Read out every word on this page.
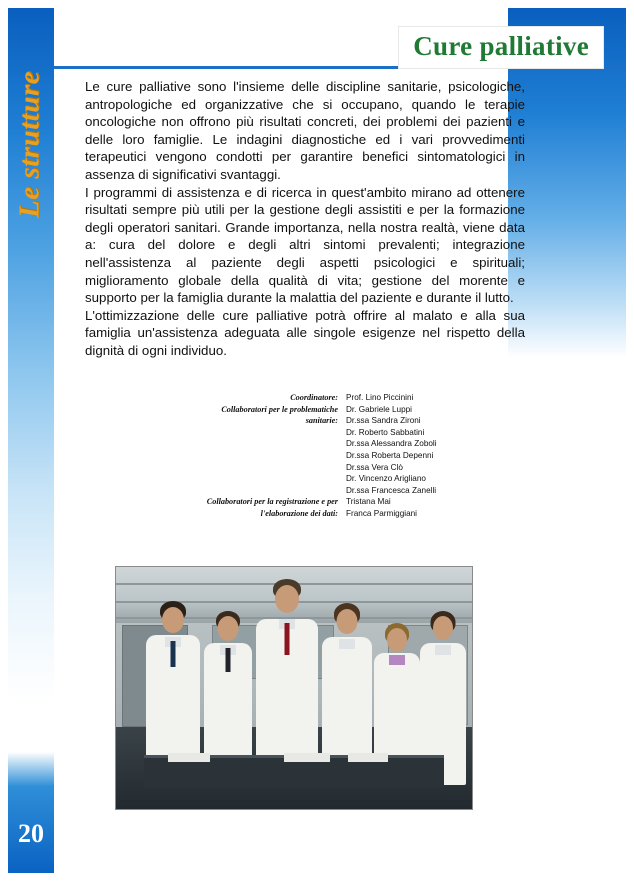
Le strutture
20
Cure palliative

Le cure palliative sono l'insieme delle discipline sanitarie, psicologiche, antropologiche ed organizzative che si occupano, quando le terapie oncologiche non offrono più risultati concreti, dei problemi dei pazienti e delle loro famiglie. Le indagini diagnostiche ed i vari provvedimenti terapeutici vengono condotti per garantire benefici sintomatologici in assenza di significativi svantaggi.

I programmi di assistenza e di ricerca in quest'ambito mirano ad ottenere risultati sempre più utili per la gestione degli assistiti e per la formazione degli operatori sanitari. Grande importanza, nella nostra realtà, viene data a: cura del dolore e degli altri sintomi prevalenti; integrazione nell'assistenza al paziente degli aspetti psicologici e spirituali; miglioramento globale della qualità di vita; gestione del morente e supporto per la famiglia durante la malattia del paziente e durante il lutto.

L'ottimizzazione delle cure palliative potrà offrire al malato e alla sua famiglia un'assistenza adeguata alle singole esigenze nel rispetto della dignità di ogni individuo.

Coordinatore: Prof. Lino Piccinini
Collaboratori per le problematiche sanitarie:
Dr. Gabriele Luppi
Dr.ssa Sandra Zironi
Dr. Roberto Sabbatini
Dr.ssa Alessandra Zoboli
Dr.ssa Roberta Depenni
Dr.ssa Vera Clò
Dr. Vincenzo Arigliano
Dr.ssa Francesca Zanelli
Collaboratori per la registrazione e per l'elaborazione dei dati:
Tristana Mai
Franca Parmiggiani
